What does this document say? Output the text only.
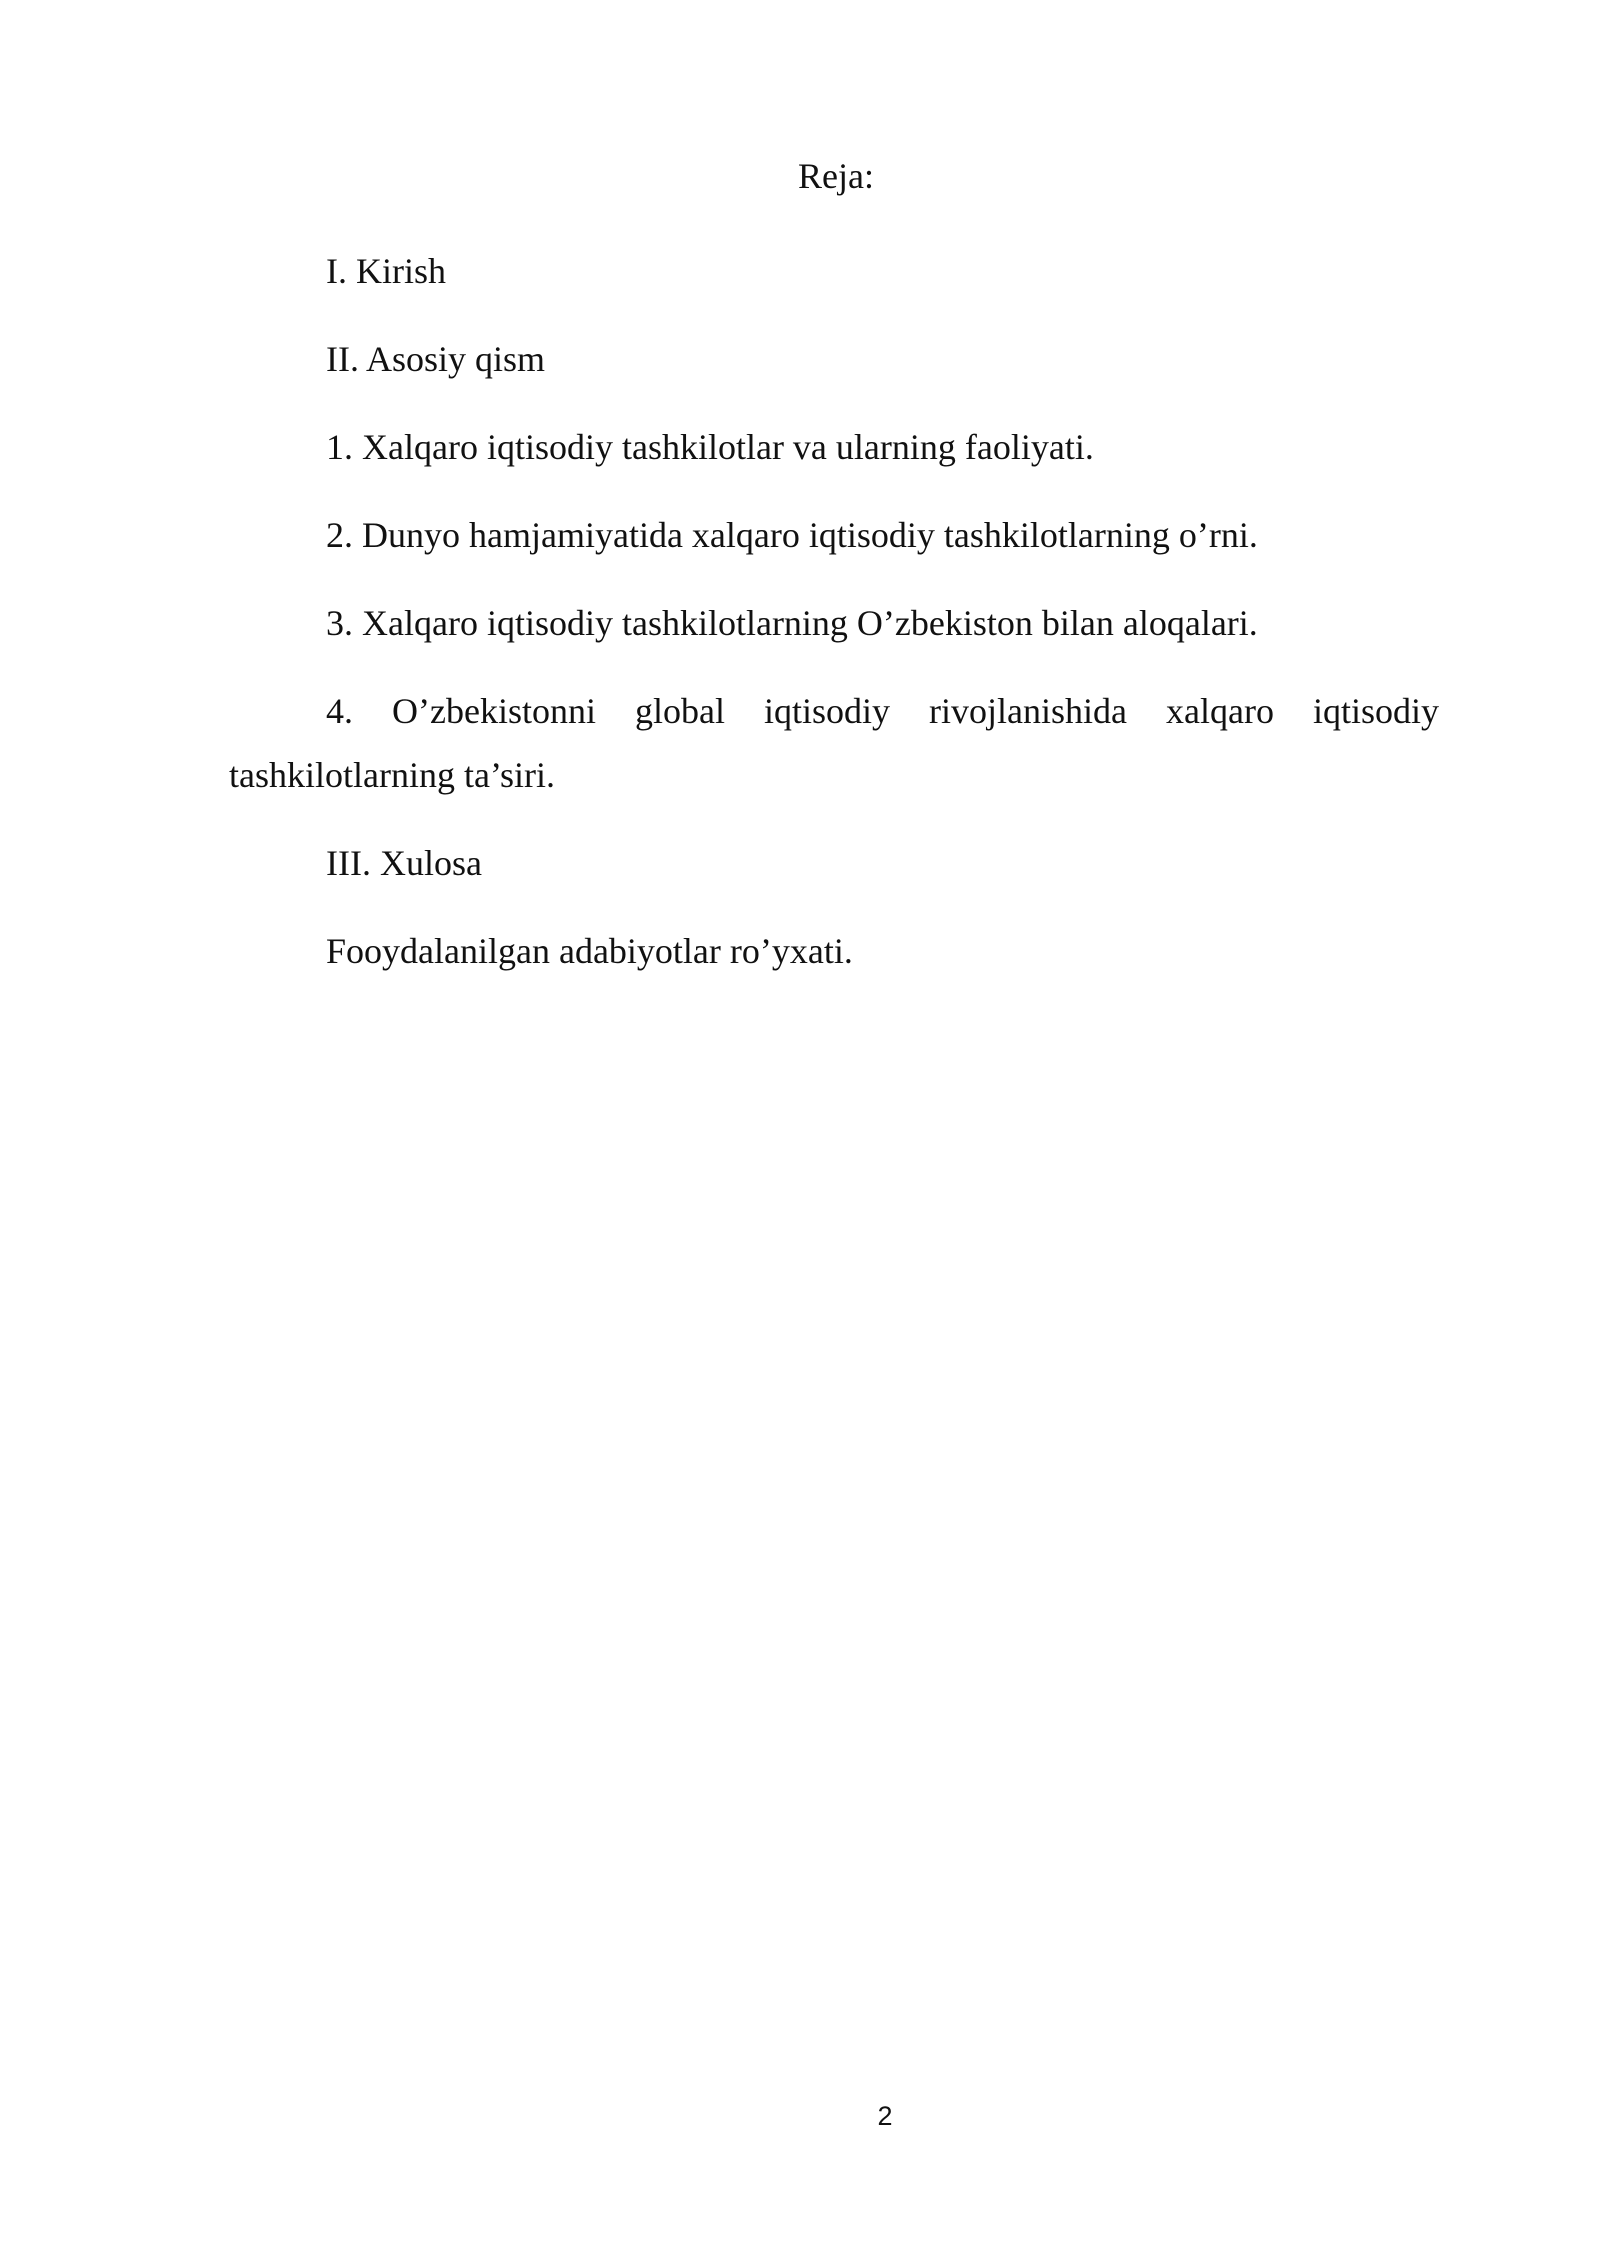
Reja:

I. Kirish

II. Asosiy qism

1. Xalqaro iqtisodiy tashkilotlar va ularning faoliyati.

2. Dunyo hamjamiyatida xalqaro iqtisodiy tashkilotlarning o’rni.

3. Xalqaro iqtisodiy tashkilotlarning O’zbekiston bilan aloqalari.

4. O’zbekistonni global iqtisodiy rivojlanishida xalqaro iqtisodiy tashkilotlarning ta’siri.

III. Xulosa

Fooydalanilgan adabiyotlar ro’yxati.

2
